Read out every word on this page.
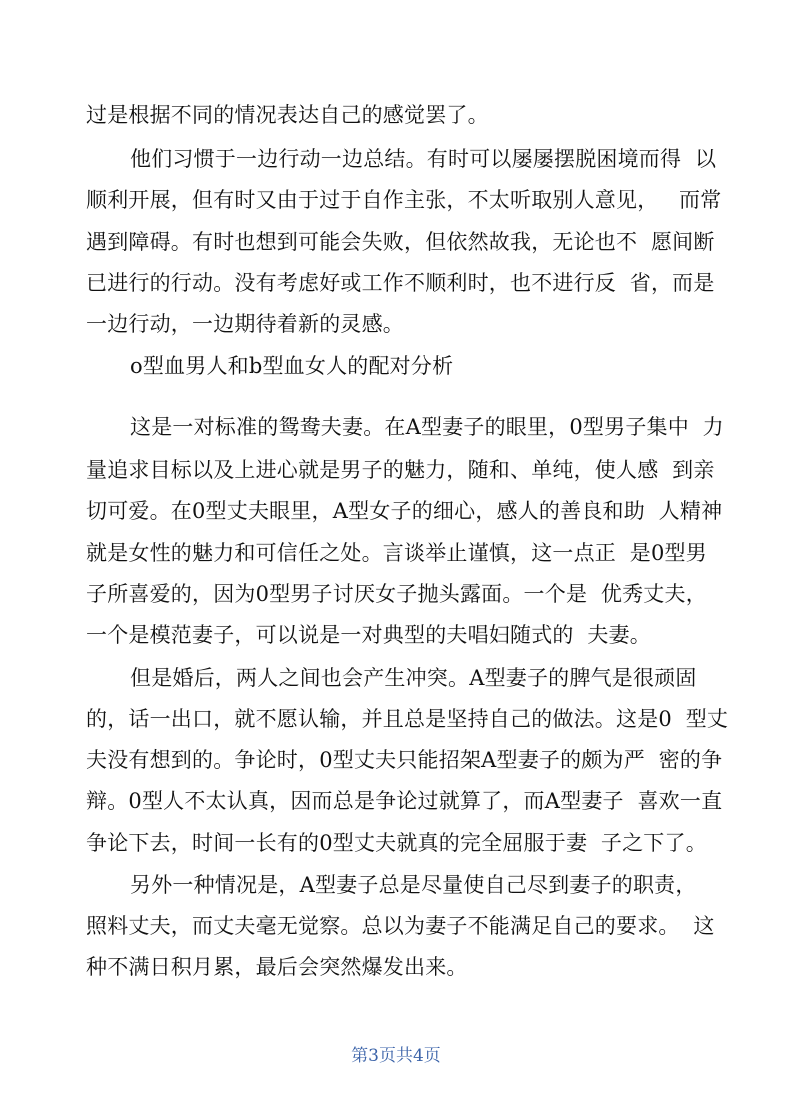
过是根据不同的情况表达自己的感觉罢了。
他们习惯于一边行动一边总结。有时可以屡屡摆脱困境而得  以
顺利开展，但有时又由于过于自作主张，不太听取别人意见，   而常
遇到障碍。有时也想到可能会失败，但依然故我，无论也不  愿间断
已进行的行动。没有考虑好或工作不顺利时，也不进行反  省，而是
一边行动，一边期待着新的灵感。
o型血男人和b型血女人的配对分析
这是一对标准的鸳鸯夫妻。在A型妻子的眼里，0型男子集中  力
量追求目标以及上进心就是男子的魅力，随和、单纯，使人感  到亲
切可爱。在0型丈夫眼里，A型女子的细心，感人的善良和助  人精神
就是女性的魅力和可信任之处。言谈举止谨慎，这一点正  是0型男
子所喜爱的，因为0型男子讨厌女子抛头露面。一个是  优秀丈夫，
一个是模范妻子，可以说是一对典型的夫唱妇随式的  夫妻。
但是婚后，两人之间也会产生冲突。A型妻子的脾气是很顽固
的，话一出口，就不愿认输，并且总是坚持自己的做法。这是0  型丈
夫没有想到的。争论时，0型丈夫只能招架A型妻子的颇为严  密的争
辩。0型人不太认真，因而总是争论过就算了，而A型妻子  喜欢一直
争论下去，时间一长有的0型丈夫就真的完全屈服于妻  子之下了。
另外一种情况是，A型妻子总是尽量使自己尽到妻子的职责，
照料丈夫，而丈夫毫无觉察。总以为妻子不能满足自己的要求。  这
种不满日积月累，最后会突然爆发出来。
第3页共4页
